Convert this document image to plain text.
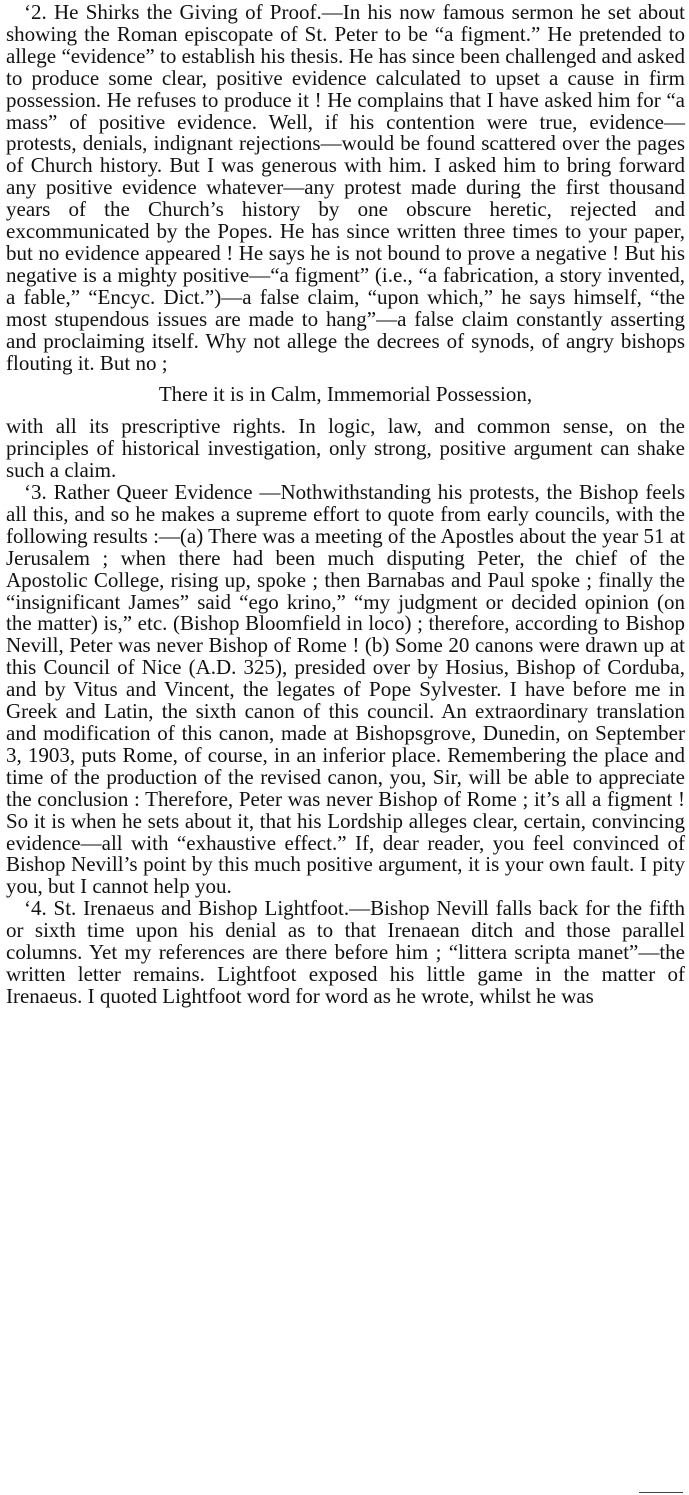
‘2. He Shirks the Giving of Proof.—In his now famous sermon he set about showing the Roman episcopate of St. Peter to be “a figment.” He pretended to allege “evidence” to establish his thesis. He has since been challenged and asked to produce some clear, positive evidence calculated to upset a cause in firm possession. He refuses to produce it ! He complains that I have asked him for “a mass” of positive evidence. Well, if his contention were true, evidence—protests, denials, indignant rejections—would be found scattered over the pages of Church history. But I was generous with him. I asked him to bring forward any positive evidence whatever—any protest made during the first thousand years of the Church’s history by one obscure heretic, rejected and excommunicated by the Popes. He has since written three times to your paper, but no evidence appeared ! He says he is not bound to prove a negative ! But his negative is a mighty positive—“a figment” (i.e., “a fabrication, a story invented, a fable,” “Encyc. Dict.”)—a false claim, “upon which,” he says himself, “the most stupendous issues are made to hang”—a false claim constantly asserting and proclaiming itself. Why not allege the decrees of synods, of angry bishops flouting it. But no ;

There it is in Calm, Immemorial Possession,

with all its prescriptive rights. In logic, law, and common sense, on the principles of historical investigation, only strong, positive argument can shake such a claim.

‘3. Rather Queer Evidence —Nothwithstanding his protests, the Bishop feels all this, and so he makes a supreme effort to quote from early councils, with the following results :—(a) There was a meeting of the Apostles about the year 51 at Jerusalem ; when there had been much disputing Peter, the chief of the Apostolic College, rising up, spoke ; then Barnabas and Paul spoke ; finally the “insignificant James” said “ego krino,” “my judgment or decided opinion (on the matter) is,” etc. (Bishop Bloomfield in loco) ; therefore, according to Bishop Nevill, Peter was never Bishop of Rome ! (b) Some 20 canons were drawn up at this Council of Nice (A.D. 325), presided over by Hosius, Bishop of Corduba, and by Vitus and Vincent, the legates of Pope Sylvester. I have before me in Greek and Latin, the sixth canon of this council. An extraordinary translation and modification of this canon, made at Bishopsgrove, Dunedin, on September 3, 1903, puts Rome, of course, in an inferior place. Remembering the place and time of the production of the revised canon, you, Sir, will be able to appreciate the conclusion : Therefore, Peter was never Bishop of Rome ; it’s all a figment ! So it is when he sets about it, that his Lordship alleges clear, certain, convincing evidence—all with “exhaustive effect.” If, dear reader, you feel convinced of Bishop Nevill’s point by this much positive argument, it is your own fault. I pity you, but I cannot help you.

‘4. St. Irenaeus and Bishop Lightfoot.—Bishop Nevill falls back for the fifth or sixth time upon his denial as to that Irenaean ditch and those parallel columns. Yet my references are there before him ; “littera scripta manet”—the written letter remains. Lightfoot exposed his little game in the matter of Irenaeus. I quoted Lightfoot word for word as he wrote, whilst he was
